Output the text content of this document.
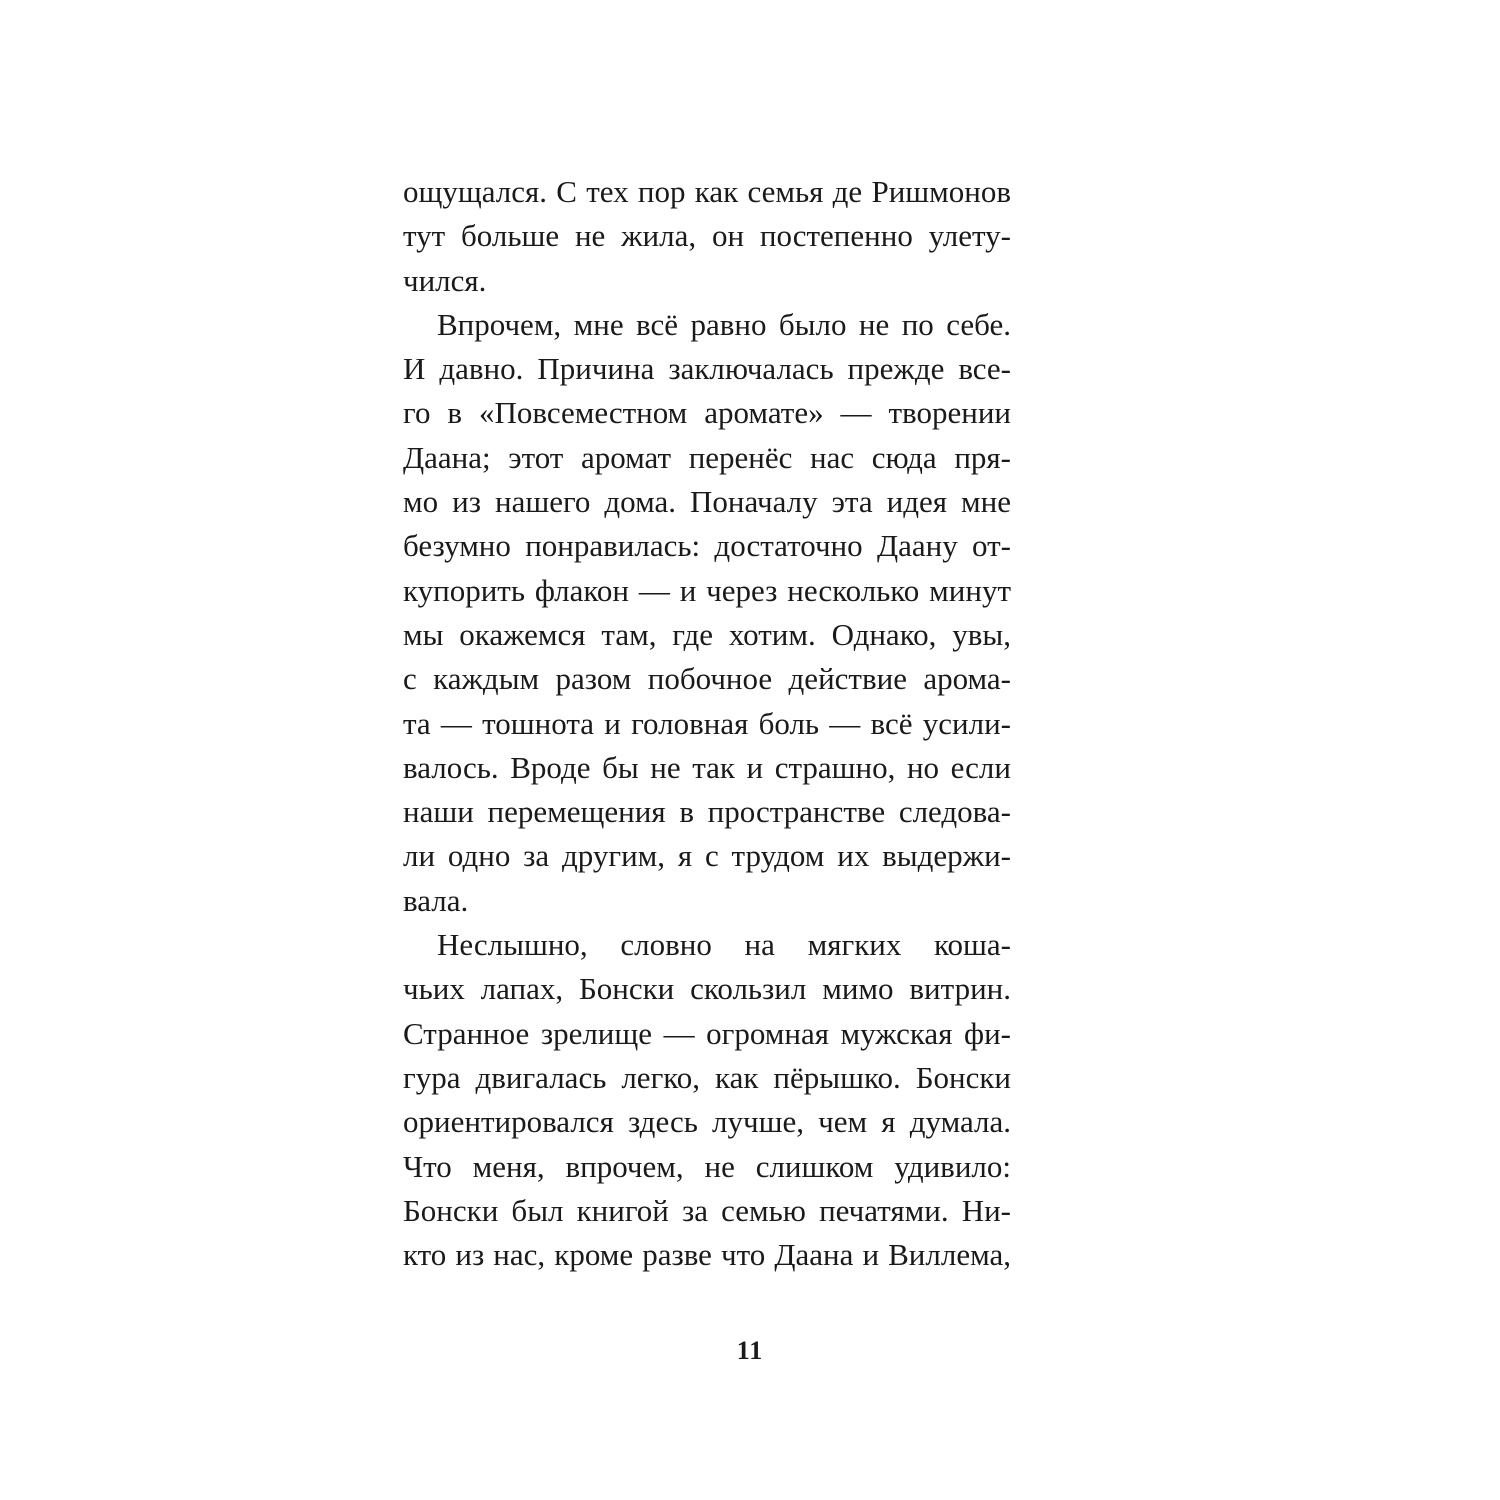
ощущался. С тех пор как семья де Ришмонов
тут больше не жила, он постепенно улету-
чился.
Впрочем, мне всё равно было не по себе.
И давно. Причина заключалась прежде все-
го в «Повсеместном аромате» — творении
Даана; этот аромат перенёс нас сюда пря-
мо из нашего дома. Поначалу эта идея мне
безумно понравилась: достаточно Даану от-
купорить флакон — и через несколько минут
мы окажемся там, где хотим. Однако, увы,
с каждым разом побочное действие арома-
та — тошнота и головная боль — всё усили-
валось. Вроде бы не так и страшно, но если
наши перемещения в пространстве следова-
ли одно за другим, я с трудом их выдержи-
вала.
Неслышно, словно на мягких коша-
чьих лапах, Бонски скользил мимо витрин.
Странное зрелище — огромная мужская фи-
гура двигалась легко, как пёрышко. Бонски
ориентировался здесь лучше, чем я думала.
Что меня, впрочем, не слишком удивило:
Бонски был книгой за семью печатями. Ни-
кто из нас, кроме разве что Даана и Виллема,
11
